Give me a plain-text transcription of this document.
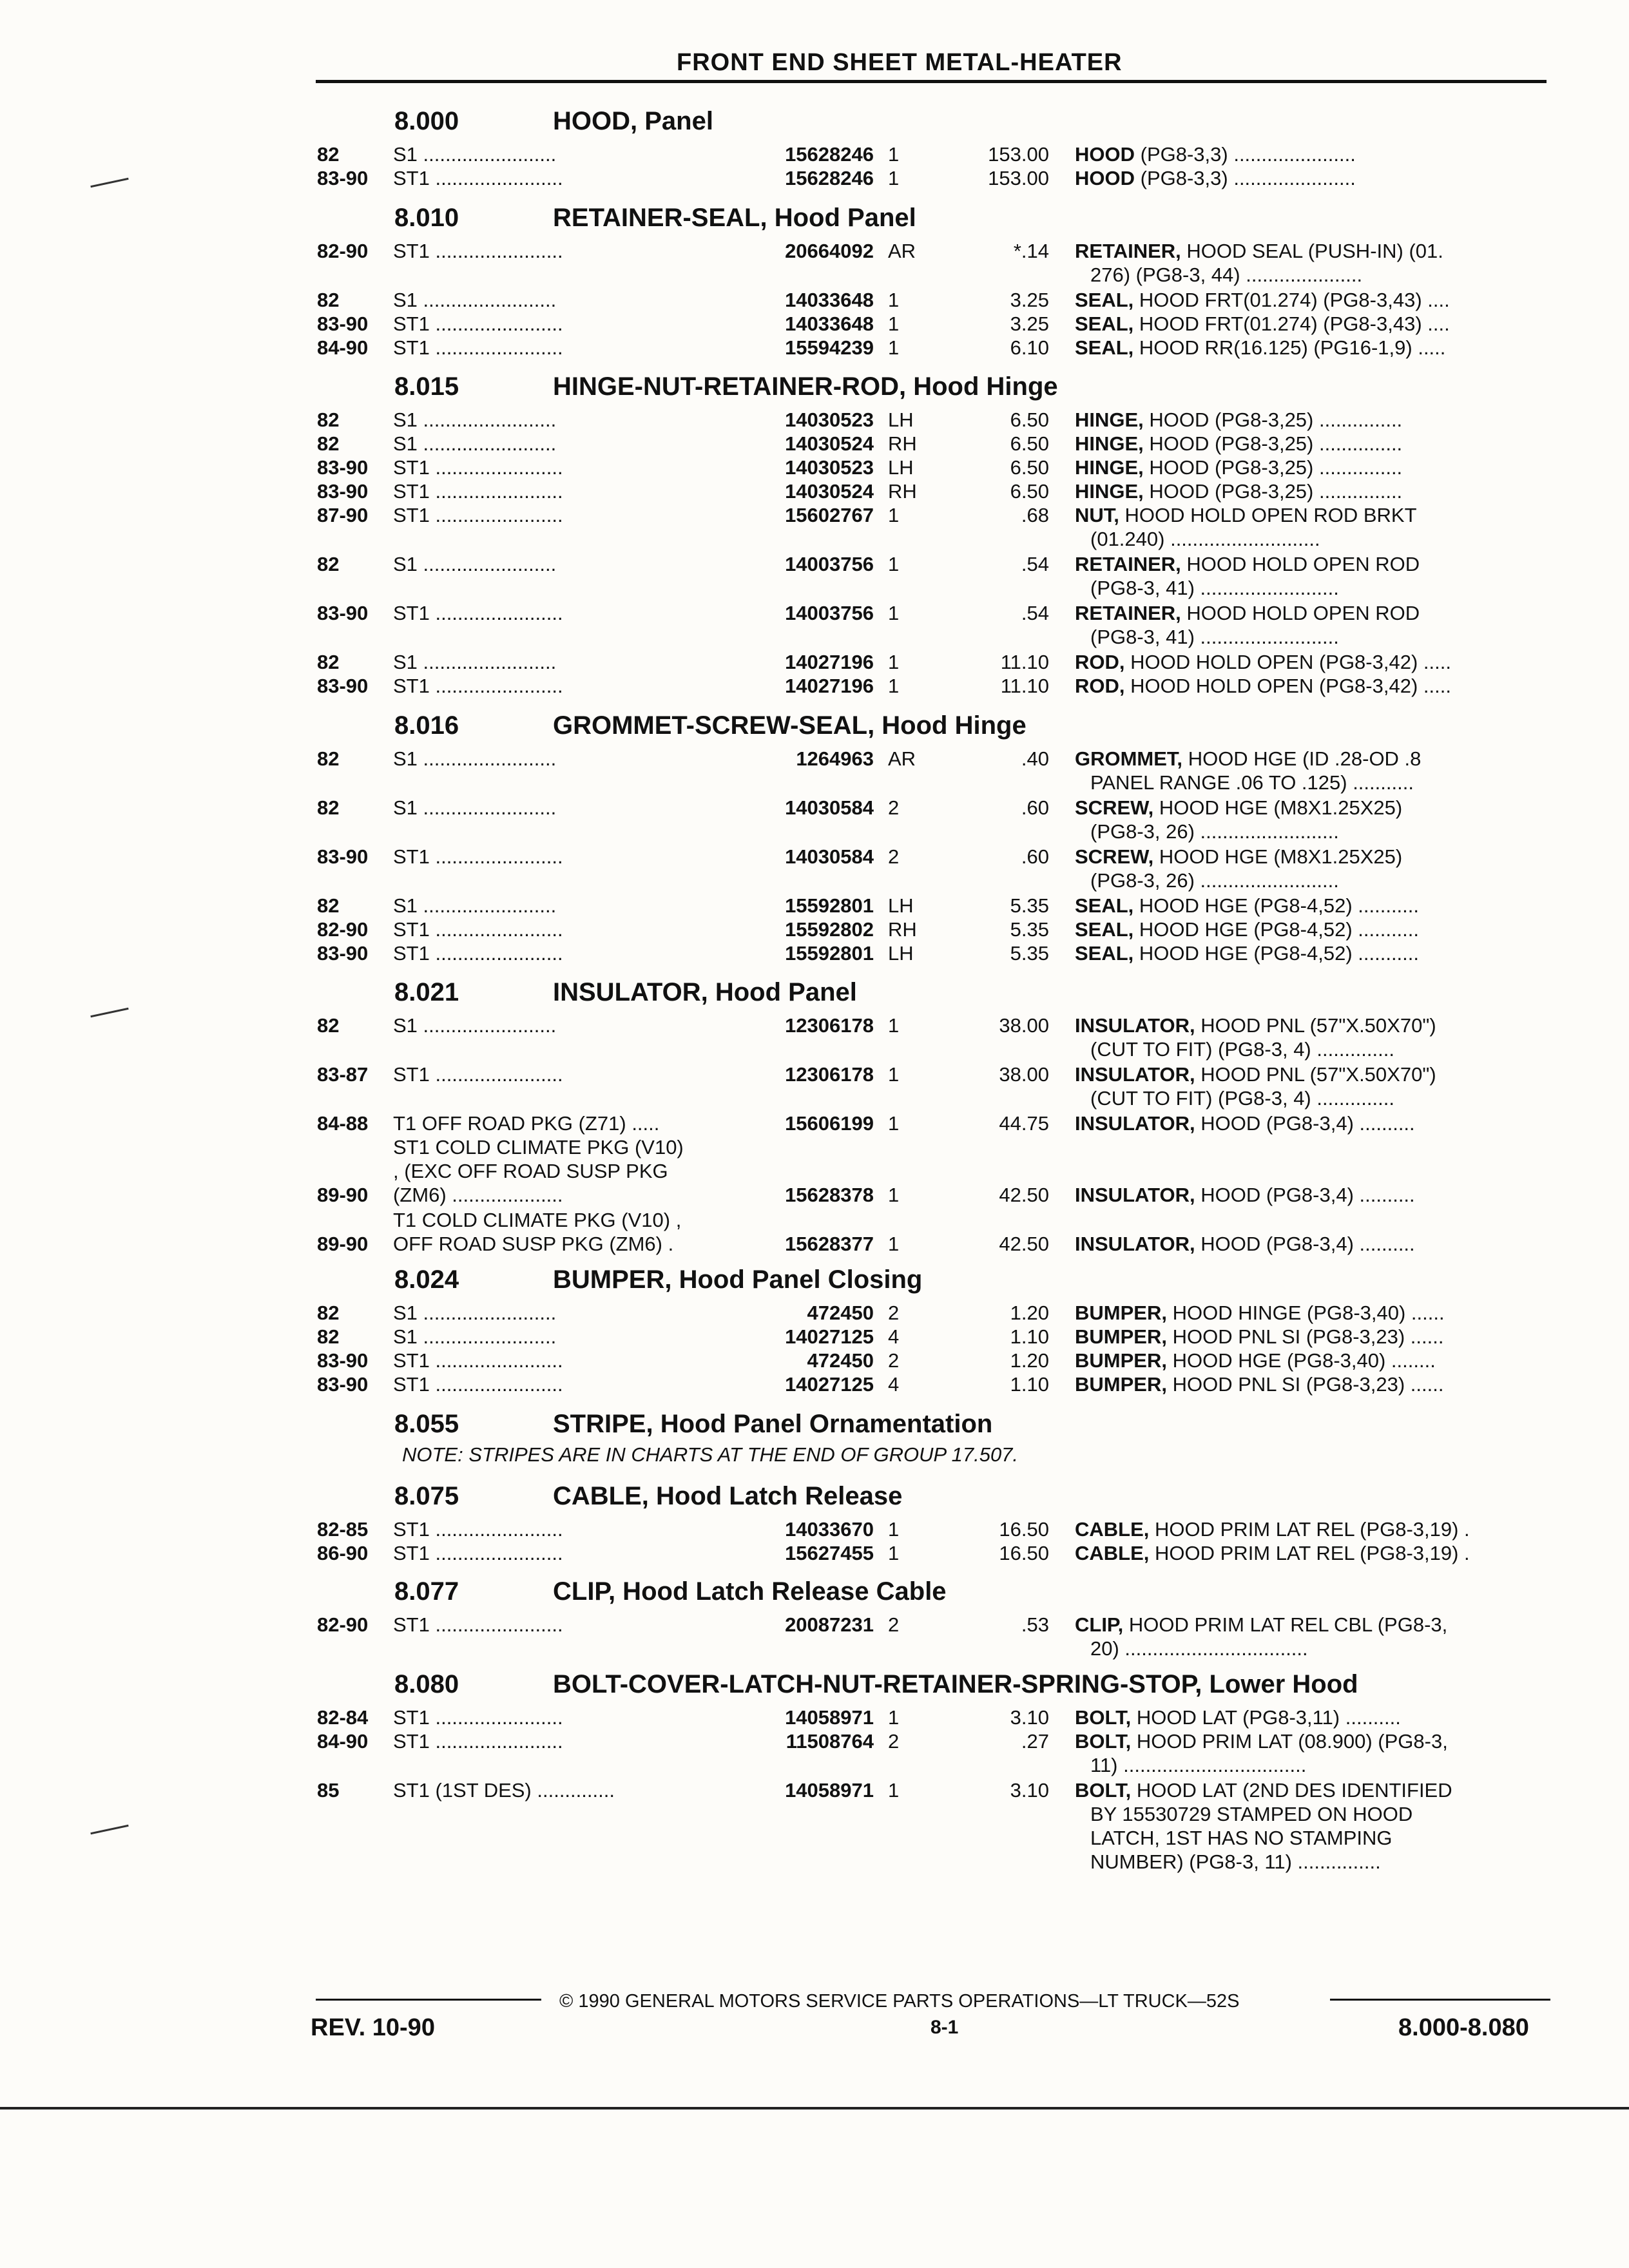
FRONT END SHEET METAL-HEATER
8.000	HOOD, Panel
82	S1 ........................	15628246 1	153.00 HOOD (PG8-3,3) ......................
83-90 ST1 .......................	15628246 1	153.00 HOOD (PG8-3,3) ......................
8.010	RETAINER-SEAL, Hood Panel
82-90 ST1 .......................	20664092 AR	*.14 RETAINER, HOOD SEAL (PUSH-IN) (01.
276) (PG8-3, 44) .....................
82	S1 ........................	14033648 1	3.25 SEAL, HOOD FRT(01.274) (PG8-3,43) ....
83-90 ST1 .......................	14033648 1	3.25 SEAL, HOOD FRT(01.274) (PG8-3,43) ....
84-90 ST1 .......................	15594239 1	6.10 SEAL, HOOD RR(16.125) (PG16-1,9) .....
8.015	HINGE-NUT-RETAINER-ROD, Hood Hinge
82	S1 ........................	14030523 LH	6.50 HINGE, HOOD (PG8-3,25) ...............
82	S1 ........................	14030524 RH	6.50 HINGE, HOOD (PG8-3,25) ...............
83-90 ST1 .......................	14030523 LH	6.50 HINGE, HOOD (PG8-3,25) ...............
83-90 ST1 .......................	14030524 RH	6.50 HINGE, HOOD (PG8-3,25) ...............
87-90 ST1 .......................	15602767 1	.68 NUT, HOOD HOLD OPEN ROD BRKT
(01.240) ...........................
82	S1 ........................	14003756 1	.54 RETAINER, HOOD HOLD OPEN ROD
(PG8-3, 41) .........................
83-90 ST1 .......................	14003756 1	.54 RETAINER, HOOD HOLD OPEN ROD
(PG8-3, 41) .........................
82	S1 ........................	14027196 1	11.10 ROD, HOOD HOLD OPEN (PG8-3,42) .....
83-90 ST1 .......................	14027196 1	11.10 ROD, HOOD HOLD OPEN (PG8-3,42) .....
8.016	GROMMET-SCREW-SEAL, Hood Hinge
82	S1 ........................	1264963 AR	.40 GROMMET, HOOD HGE (ID .28-OD .8
PANEL RANGE .06 TO .125) ...........
82	S1 ........................	14030584 2	.60 SCREW, HOOD HGE (M8X1.25X25)
(PG8-3, 26) .........................
83-90 ST1 .......................	14030584 2	.60 SCREW, HOOD HGE (M8X1.25X25)
(PG8-3, 26) .........................
82	S1 ........................	15592801 LH	5.35 SEAL, HOOD HGE (PG8-4,52) ...........
82-90 ST1 .......................	15592802 RH	5.35 SEAL, HOOD HGE (PG8-4,52) ...........
83-90 ST1 .......................	15592801 LH	5.35 SEAL, HOOD HGE (PG8-4,52) ...........
8.021	INSULATOR, Hood Panel
82	S1 ........................	12306178 1	38.00 INSULATOR, HOOD PNL (57"X.50X70")
(CUT TO FIT) (PG8-3, 4) ..............
83-87 ST1 .......................	12306178 1	38.00 INSULATOR, HOOD PNL (57"X.50X70")
(CUT TO FIT) (PG8-3, 4) ..............
84-88 T1 OFF ROAD PKG (Z71) .....	15606199 1	44.75 INSULATOR, HOOD (PG8-3,4) ..........
ST1 COLD CLIMATE PKG (V10)
, (EXC OFF ROAD SUSP PKG
89-90 (ZM6) ....................	15628378 1	42.50 INSULATOR, HOOD (PG8-3,4) ..........
T1 COLD CLIMATE PKG (V10) ,
89-90 OFF ROAD SUSP PKG (ZM6) .	15628377 1	42.50 INSULATOR, HOOD (PG8-3,4) ..........
8.024	BUMPER, Hood Panel Closing
82	S1 ........................	472450 2	1.20 BUMPER, HOOD HINGE (PG8-3,40) ......
82	S1 ........................	14027125 4	1.10 BUMPER, HOOD PNL SI (PG8-3,23) ......
83-90 ST1 .......................	472450 2	1.20 BUMPER, HOOD HGE (PG8-3,40) ........
83-90 ST1 .......................	14027125 4	1.10 BUMPER, HOOD PNL SI (PG8-3,23) ......
8.055	STRIPE, Hood Panel Ornamentation
NOTE: STRIPES ARE IN CHARTS AT THE END OF GROUP 17.507.
8.075	CABLE, Hood Latch Release
82-85 ST1 .......................	14033670 1	16.50 CABLE, HOOD PRIM LAT REL (PG8-3,19) .
86-90 ST1 .......................	15627455 1	16.50 CABLE, HOOD PRIM LAT REL (PG8-3,19) .
8.077	CLIP, Hood Latch Release Cable
82-90 ST1 .......................	20087231 2	.53 CLIP, HOOD PRIM LAT REL CBL (PG8-3,
20) .................................
8.080	BOLT-COVER-LATCH-NUT-RETAINER-SPRING-STOP, Lower Hood
82-84 ST1 .......................	14058971 1	3.10 BOLT, HOOD LAT (PG8-3,11) ..........
84-90 ST1 .......................	11508764 2	.27 BOLT, HOOD PRIM LAT (08.900) (PG8-3,
11) .................................
85	ST1 (1ST DES) ..............	14058971 1	3.10 BOLT, HOOD LAT (2ND DES IDENTIFIED
BY 15530729 STAMPED ON HOOD
LATCH, 1ST HAS NO STAMPING
NUMBER) (PG8-3, 11) ...............
© 1990 GENERAL MOTORS SERVICE PARTS OPERATIONS—LT TRUCK—52S
REV. 10-90	8-1	8.000-8.080
